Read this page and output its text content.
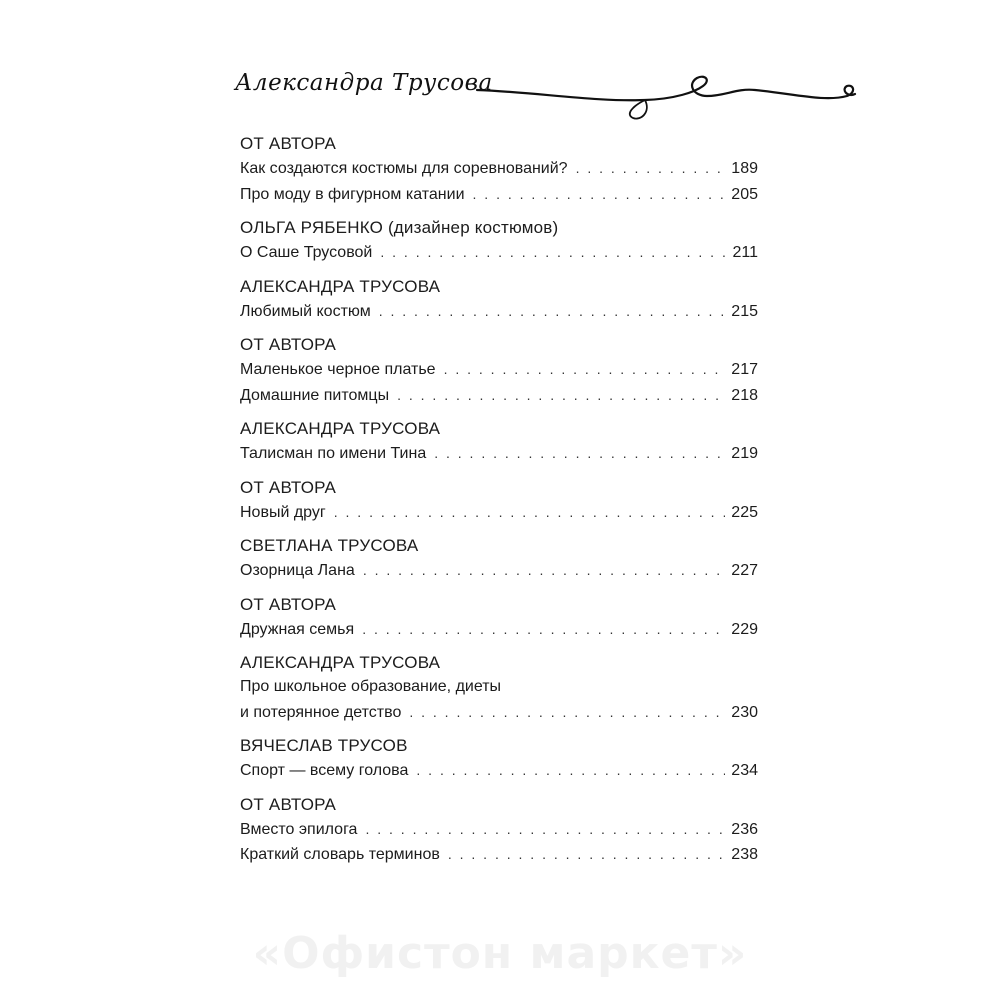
Александра Трусова
ОТ АВТОРА
Как создаются костюмы для соревнований? . . .	189
Про моду в фигурном катании . . .	205
ОЛЬГА РЯБЕНКО (дизайнер костюмов)
О Саше Трусовой . . .	211
АЛЕКСАНДРА ТРУСОВА
Любимый костюм . . .	215
ОТ АВТОРА
Маленькое черное платье . . .	217
Домашние питомцы . . .	218
АЛЕКСАНДРА ТРУСОВА
Талисман по имени Тина . . .	219
ОТ АВТОРА
Новый друг . . .	225
СВЕТЛАНА ТРУСОВА
Озорница Лана . . .	227
ОТ АВТОРА
Дружная семья . . .	229
АЛЕКСАНДРА ТРУСОВА
Про школьное образование, диеты
и потерянное детство . . .	230
ВЯЧЕСЛАВ ТРУСОВ
Спорт — всему голова . . .	234
ОТ АВТОРА
Вместо эпилога . . .	236
Краткий словарь терминов . . .	238
«Офистон маркет»
